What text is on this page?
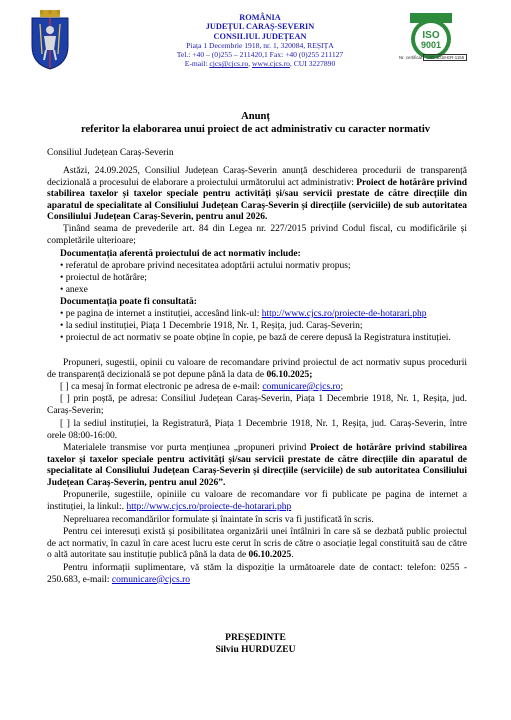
ROMÂNIA
JUDEȚUL CARAȘ-SEVERIN
CONSILIUL JUDEȚEAN
Piața 1 Decembrie 1918, nr. 1, 320084, REȘIȚA
Tel.: +40 – (0)255 – 211420,1 Fax: +40 (0)255 211127
E-mail: cjcs@cjcs.ro, www.cjcs.ro, CUI 3227890
ISO
9001
Nr. certificat U83-1018-ER-1155
Anunț
referitor la elaborarea unui proiect de act administrativ cu caracter normativ
Consiliul Județean Caraș-Severin
Astăzi, 24.09.2025, Consiliul Județean Caraș-Severin anunță deschiderea procedurii de transparență decizională a procesului de elaborare a proiectului următorului act administrativ: Proiect de hotărâre privind stabilirea taxelor și taxelor speciale pentru activități și/sau servicii prestate de către direcțiile din aparatul de specialitate al Consiliului Județean Caraș-Severin și direcțiile (serviciile) de sub autoritatea Consiliului Județean Caraș-Severin, pentru anul 2026.
Ținând seama de prevederile art. 84 din Legea nr. 227/2015 privind Codul fiscal, cu modificările și completările ulterioare;
Documentația aferentă proiectului de act normativ include:
• referatul de aprobare privind necesitatea adoptării actului normativ propus;
• proiectul de hotărâre;
• anexe
Documentația poate fi consultată:
• pe pagina de internet a instituției, accesând link-ul: http://www.cjcs.ro/proiecte-de-hotarari.php
• la sediul instituției, Piața 1 Decembrie 1918, Nr. 1, Reșița, jud. Caraș-Severin;
• proiectul de act normativ se poate obține în copie, pe bază de cerere depusă la Registratura instituției.
Propuneri, sugestii, opinii cu valoare de recomandare privind proiectul de act normativ supus procedurii de transparență decizională se pot depune până la data de 06.10.2025;
[ ] ca mesaj în format electronic pe adresa de e-mail: comunicare@cjcs.ro;
[ ] prin poștă, pe adresa: Consiliul Județean Caraș-Severin, Piața 1 Decembrie 1918, Nr. 1, Reșița, jud. Caraș-Severin;
[ ] la sediul instituției, la Registratură, Piața 1 Decembrie 1918, Nr. 1, Reșița, jud. Caraș-Severin, între orele 08:00-16:00.
Materialele transmise vor purta mențiunea „propuneri privind Proiect de hotărâre privind stabilirea taxelor și taxelor speciale pentru activități și/sau servicii prestate de către direcțiile din aparatul de specialitate al Consiliului Județean Caraș-Severin și direcțiile (serviciile) de sub autoritatea Consiliului Județean Caraș-Severin, pentru anul 2026”.
Propunerile, sugestiile, opiniile cu valoare de recomandare vor fi publicate pe pagina de internet a instituției, la linkul:. http://www.cjcs.ro/proiecte-de-hotarari.php
Nepreluarea recomandărilor formulate și înaintate în scris va fi justificată în scris.
Pentru cei interesuți există și posibilitatea organizării unei întâlniri în care să se dezbată public proiectul de act normativ, în cazul în care acest lucru este cerut în scris de către o asociație legal constituită sau de către o altă autoritate sau instituție publică până la data de 06.10.2025.
Pentru informații suplimentare, vă stăm la dispoziție la următoarele date de contact: telefon: 0255 - 250.683, e-mail: comunicare@cjcs.ro
PREȘEDINTE
Silviu HURDUZEU
